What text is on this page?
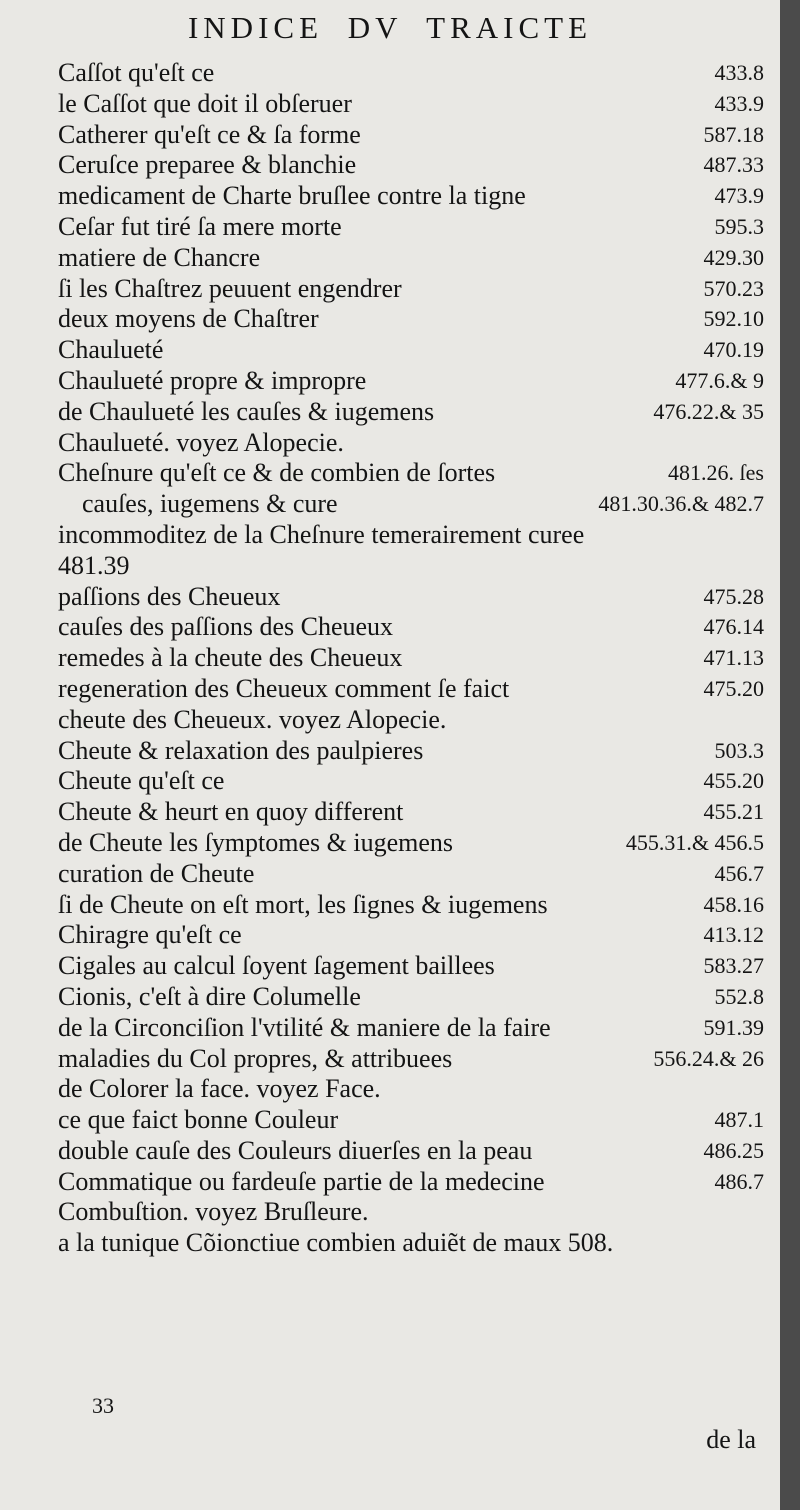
INDICE DV TRAICTE
Caſſot qu'eſt ce	433.8
le Caſſot que doit il obſeruer	433.9
Catherer qu'eſt ce & ſa forme	587.18
Ceruſce preparee & blanchie	487.33
medicament de Charte bruſlee contre la tigne	473.9
Ceſar fut tiré ſa mere morte	595.3
matiere de Chancre	429.30
ſi les Chaſtrez peuuent engendrer	570.23
deux moyens de Chaſtrer	592.10
Chaulueté	470.19
Chaulueté propre & impropre	477.6.& 9
de Chaulueté les cauſes & iugemens	476.22.& 35
Chaulueté. voyez Alopecie.
Cheſnure qu'eſt ce & de combien de ſortes	481.26. ſes
cauſes, iugemens & cure	481.30.36.& 482.7
incommoditez de la Cheſnure temerairement curee
481.39
paſſions des Cheueux	475.28
cauſes des paſſions des Cheueux	476.14
remedes à la cheute des Cheueux	471.13
regeneration des Cheueux comment ſe faict	475.20
cheute des Cheueux. voyez Alopecie.
Cheute & relaxation des paulpieres	503.3
Cheute qu'eſt ce	455.20
Cheute & heurt en quoy different	455.21
de Cheute les ſymptomes & iugemens	455.31.& 456.5
curation de Cheute	456.7
ſi de Cheute on eſt mort, les ſignes & iugemens	458.16
Chiragre qu'eſt ce	413.12
Cigales au calcul ſoyent ſagement baillees	583.27
Cionis, c'eſt à dire Columelle	552.8
de la Circonciſion l'vtilité & maniere de la faire	591.39
maladies du Col propres, & attribuees	556.24.& 26
de Colorer la face. voyez Face.
ce que faict bonne Couleur	487.1
double cauſe des Couleurs diuerſes en la peau	486.25
Commatique ou fardeuſe partie de la medecine	486.7
Combuſtion. voyez Bruſleure.
a la tunique Cõionctiue combien aduiẽt de maux 508.
33
de la
